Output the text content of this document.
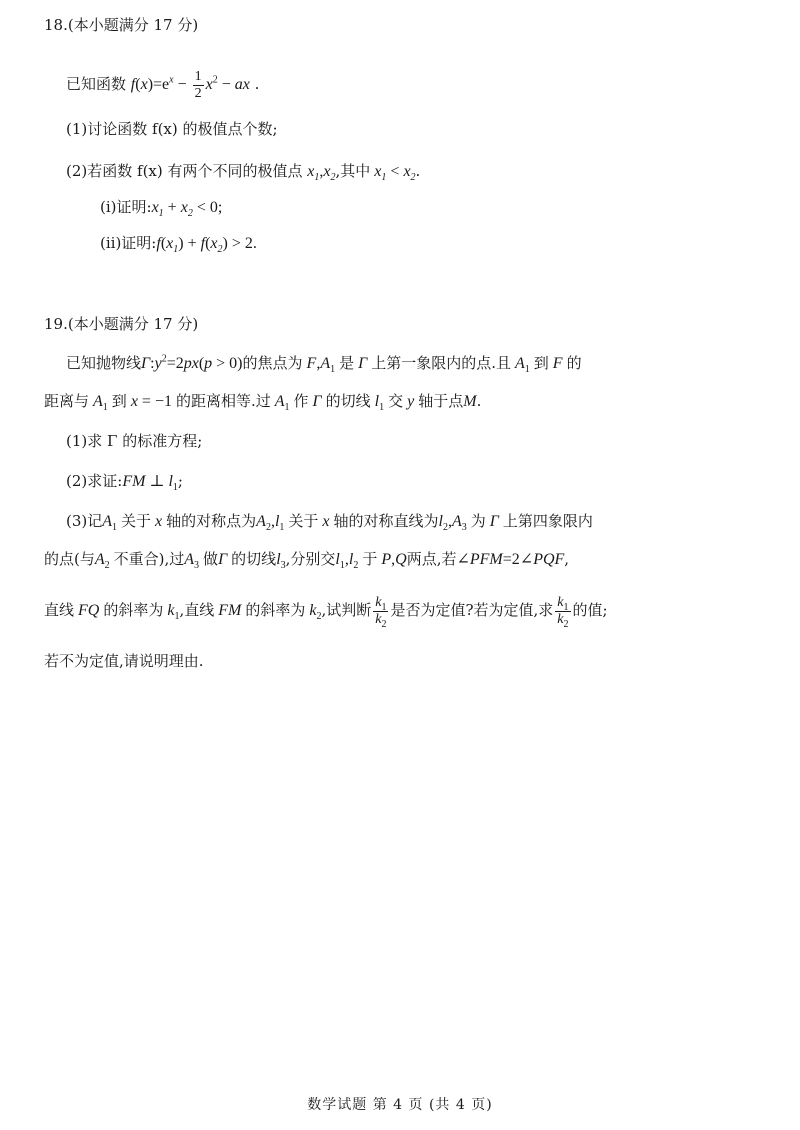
18.(本小题满分 17 分)
已知函数 $f(x)=e^x - \frac{1}{2} x^2$ − ax .
(1)讨论函数 f(x) 的极值点个数;
(2)若函数 f(x) 有两个不同的极值点 $x_1,x_2$,其中 $x_1 < x_2$.
(ⅰ)证明$:x_1 + x_2 < 0$;
(ⅱ)证明$:f(x_1) + f(x_2) > 2$.
19.(本小题满分 17 分)
已知抛物线$\Gamma:y^2=2px(p > 0)$的焦点为 $F,A_1$ 是 Γ 上第一象限内的点.且 $A_1$ 到 F 的
距离与 $A_1$ 到 x = −1 的距离相等.过 $A_1$ 作 Γ 的切线 $l_1$ 交 y 轴于点M.
(1)求 Γ 的标准方程;
(2)求证:FM ⊥ $l_1$;
(3)记$A_1$ 关于 x 轴的对称点为$A_2,l_1$ 关于 x 轴的对称直线为$l_2,A_3$ 为 Γ 上第四象限内
的点(与$A_2$ 不重合),过$A_3$ 做Γ 的切线$l_3$,分别交$l_1,l_2$ 于 P,Q两点,若∠PFM=2∠PQF,
直线 FQ 的斜率为 $k_1$,直线 FM 的斜率为 $k_2$,试判断 $\frac{k_1}{k_2}$ 是否为定值?若为定值,求 $\frac{k_1}{k_2}$ 的值;
若不为定值,请说明理由.
数学试题 第 4 页 (共 4 页)
